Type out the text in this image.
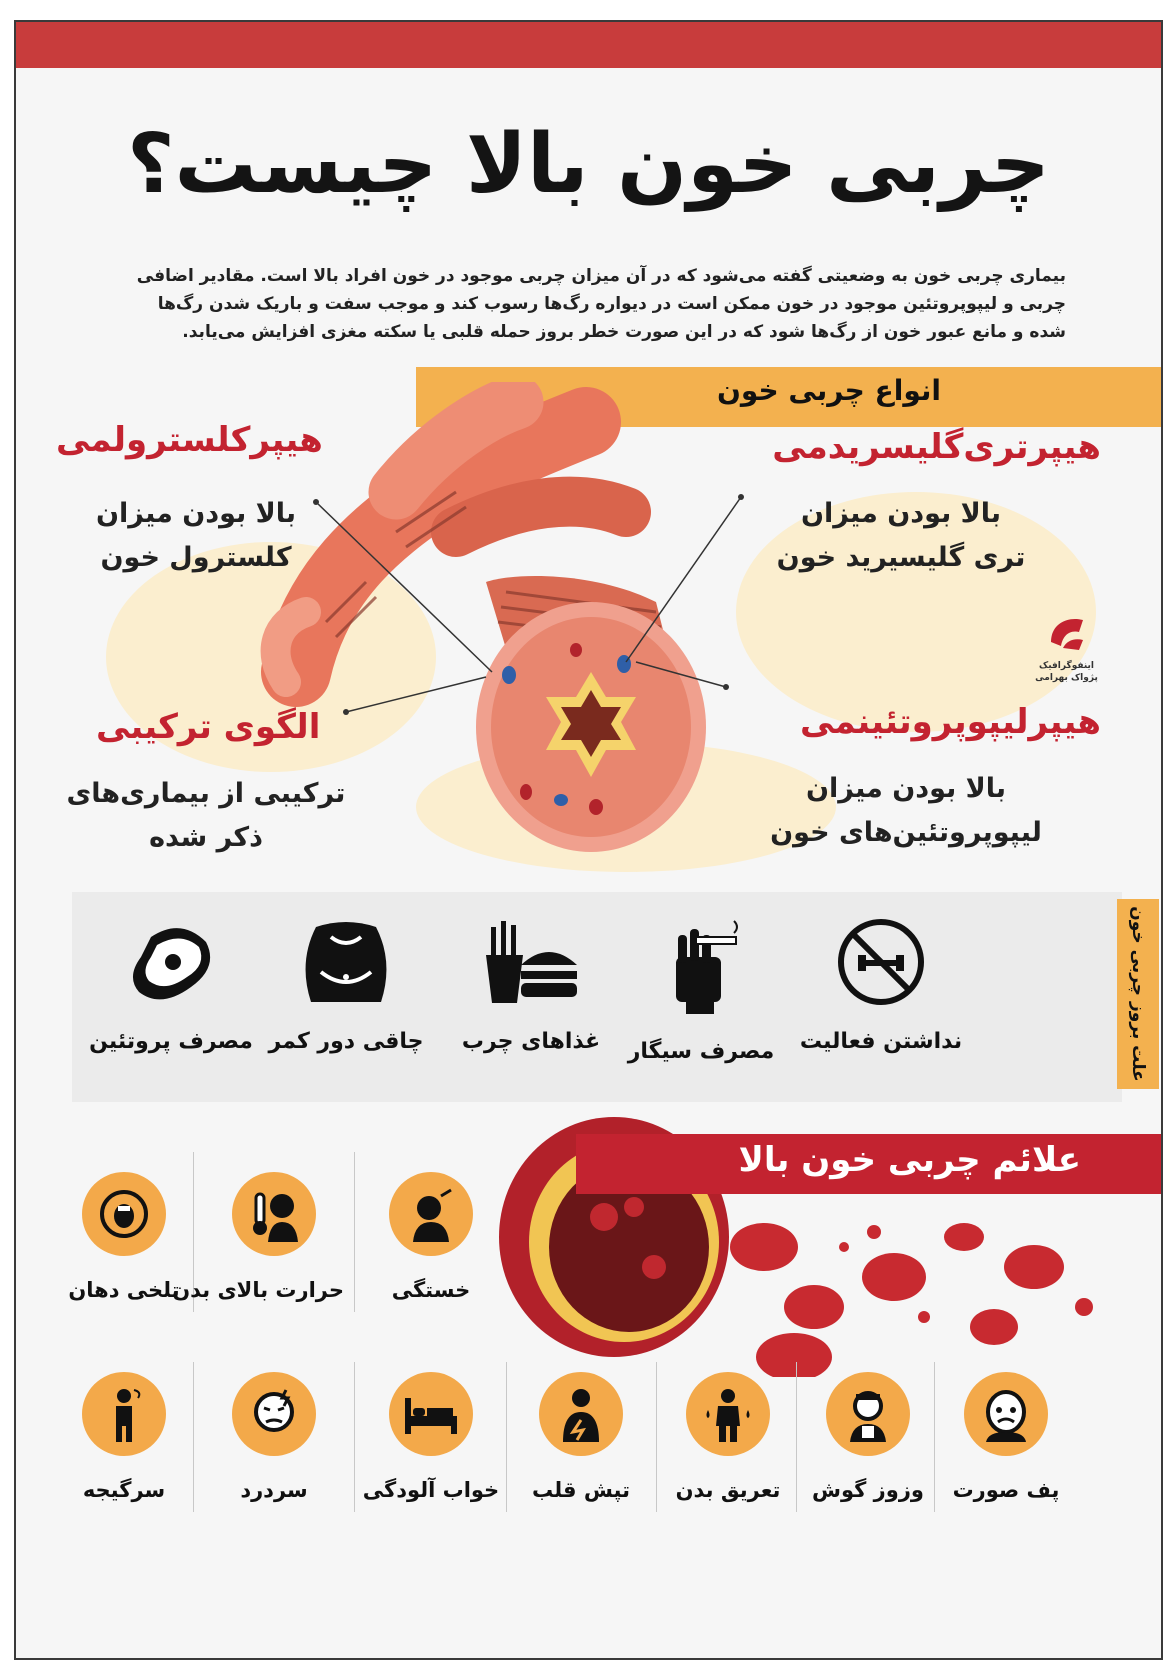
چربی خون بالا چیست؟
بیماری چربی خون به وضعیتی گفته می‌شود که در آن میزان چربی موجود در خون افراد بالا است. مقادیر اضافی چربی و لیپوپروتئین موجود در خون ممکن است در دیواره رگ‌ها رسوب کند و موجب سفت و باریک شدن رگ‌ها شده و مانع عبور خون از رگ‌ها شود که در این صورت خطر بروز حمله قلبی یا سکته مغزی افزایش می‌یابد.
انواع چربی خون
هیپرتری‌گلیسریدمی
بالا بودن میزان
تری گلیسیرید خون
هیپرکلسترولمی
بالا بودن میزان
کلسترول خون
هیپرلیپوپروتئینمی
بالا بودن میزان
لیپوپروتئین‌های خون
الگوی ترکیبی
ترکیبی از بیماری‌های
ذکر شده
اینفوگرافیک
پژواک بهرامی
علت بروز چربی خون
نداشتن فعالیت
مصرف سیگار
غذاهای چرب
چاقی دور کمر
مصرف پروتئین
علائم چربی خون بالا
خستگی
حرارت بالای بدن
تلخی دهان
پف صورت
وزوز گوش
تعریق بدن
تپش قلب
خواب آلودگی
سردرد
سرگیجه
